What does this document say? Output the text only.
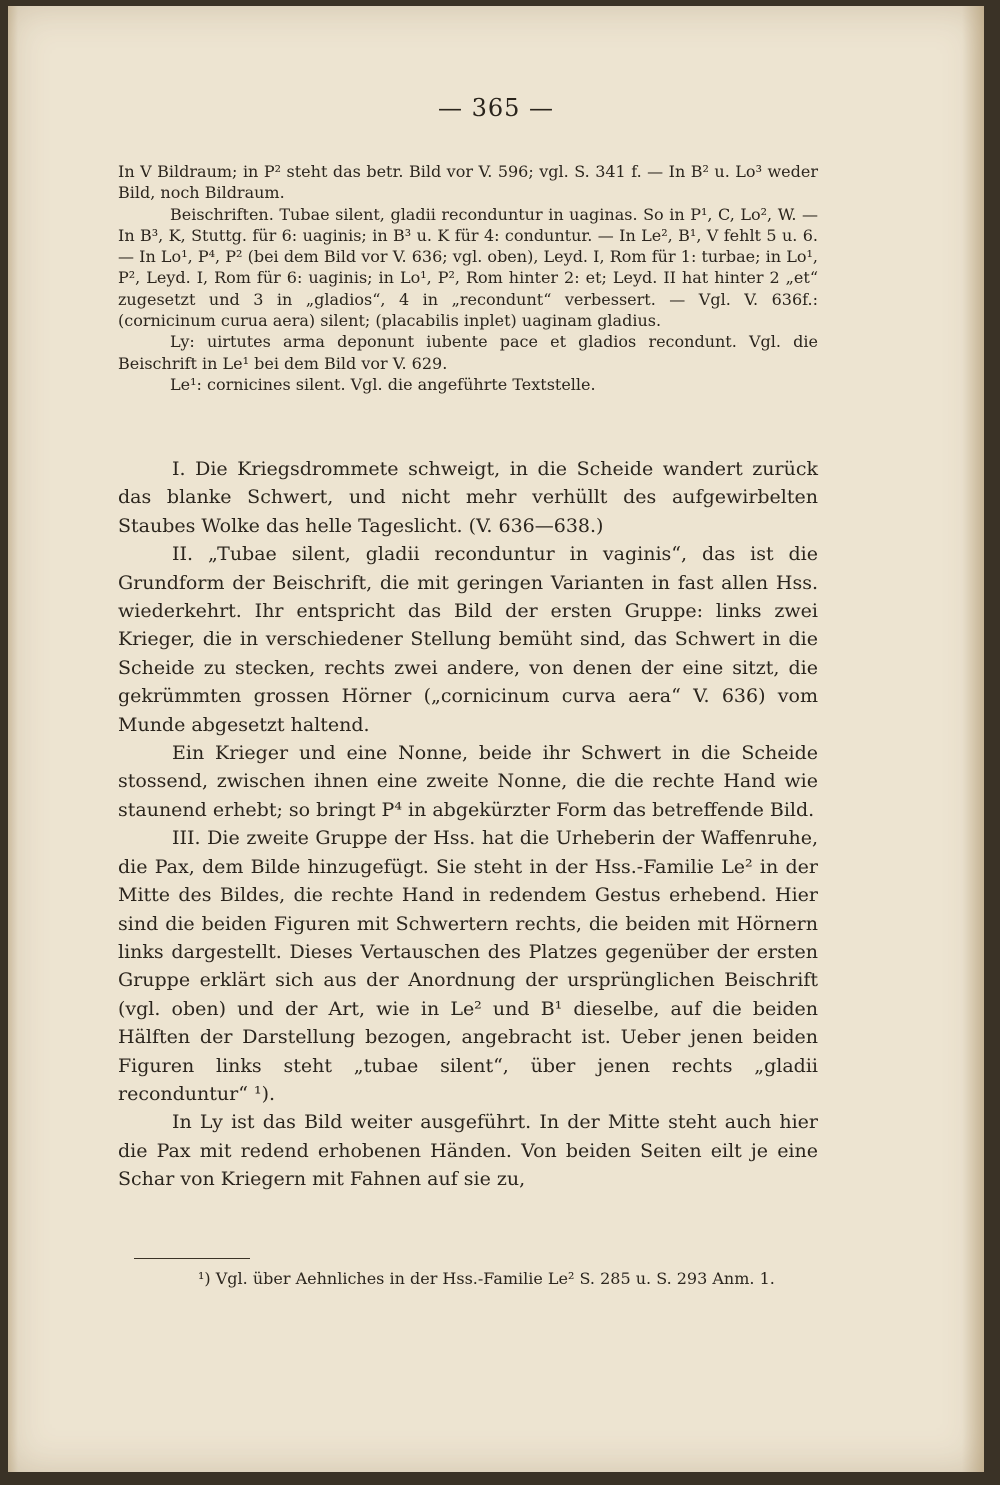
— 365 —

In V Bildraum; in P² steht das betr. Bild vor V. 596; vgl. S. 341 f. — In B² u. Lo³ weder Bild, noch Bildraum.

Beischriften. Tubae silent, gladii reconduntur in uaginas. So in P¹, C, Lo², W. — In B³, K, Stuttg. für 6: uaginis; in B³ u. K für 4: conduntur. — In Le², B¹, V fehlt 5 u. 6. — In Lo¹, P⁴, P² (bei dem Bild vor V. 636; vgl. oben), Leyd. I, Rom für 1: turbae; in Lo¹, P², Leyd. I, Rom für 6: uaginis; in Lo¹, P², Rom hinter 2: et; Leyd. II hat hinter 2 „et“ zugesetzt und 3 in „gladios“, 4 in „recondunt“ verbessert. — Vgl. V. 636f.: (cornicinum curua aera) silent; (placabilis inplet) uaginam gladius.

Ly: uirtutes arma deponunt iubente pace et gladios recondunt. Vgl. die Beischrift in Le¹ bei dem Bild vor V. 629.

Le¹: cornicines silent. Vgl. die angeführte Textstelle.

I. Die Kriegsdrommete schweigt, in die Scheide wandert zurück das blanke Schwert, und nicht mehr verhüllt des aufgewirbelten Staubes Wolke das helle Tageslicht. (V. 636—638.)

II. „Tubae silent, gladii reconduntur in vaginis“, das ist die Grundform der Beischrift, die mit geringen Varianten in fast allen Hss. wiederkehrt. Ihr entspricht das Bild der ersten Gruppe: links zwei Krieger, die in verschiedener Stellung bemüht sind, das Schwert in die Scheide zu stecken, rechts zwei andere, von denen der eine sitzt, die gekrümmten grossen Hörner („cornicinum curva aera“ V. 636) vom Munde abgesetzt haltend.

Ein Krieger und eine Nonne, beide ihr Schwert in die Scheide stossend, zwischen ihnen eine zweite Nonne, die die rechte Hand wie staunend erhebt; so bringt P⁴ in abgekürzter Form das betreffende Bild.

III. Die zweite Gruppe der Hss. hat die Urheberin der Waffenruhe, die Pax, dem Bilde hinzugefügt. Sie steht in der Hss.-Familie Le² in der Mitte des Bildes, die rechte Hand in redendem Gestus erhebend. Hier sind die beiden Figuren mit Schwertern rechts, die beiden mit Hörnern links dargestellt. Dieses Vertauschen des Platzes gegenüber der ersten Gruppe erklärt sich aus der Anordnung der ursprünglichen Beischrift (vgl. oben) und der Art, wie in Le² und B¹ dieselbe, auf die beiden Hälften der Darstellung bezogen, angebracht ist. Ueber jenen beiden Figuren links steht „tubae silent“, über jenen rechts „gladii reconduntur“ ¹).

In Ly ist das Bild weiter ausgeführt. In der Mitte steht auch hier die Pax mit redend erhobenen Händen. Von beiden Seiten eilt je eine Schar von Kriegern mit Fahnen auf sie zu,

¹) Vgl. über Aehnliches in der Hss.-Familie Le² S. 285 u. S. 293 Anm. 1.
